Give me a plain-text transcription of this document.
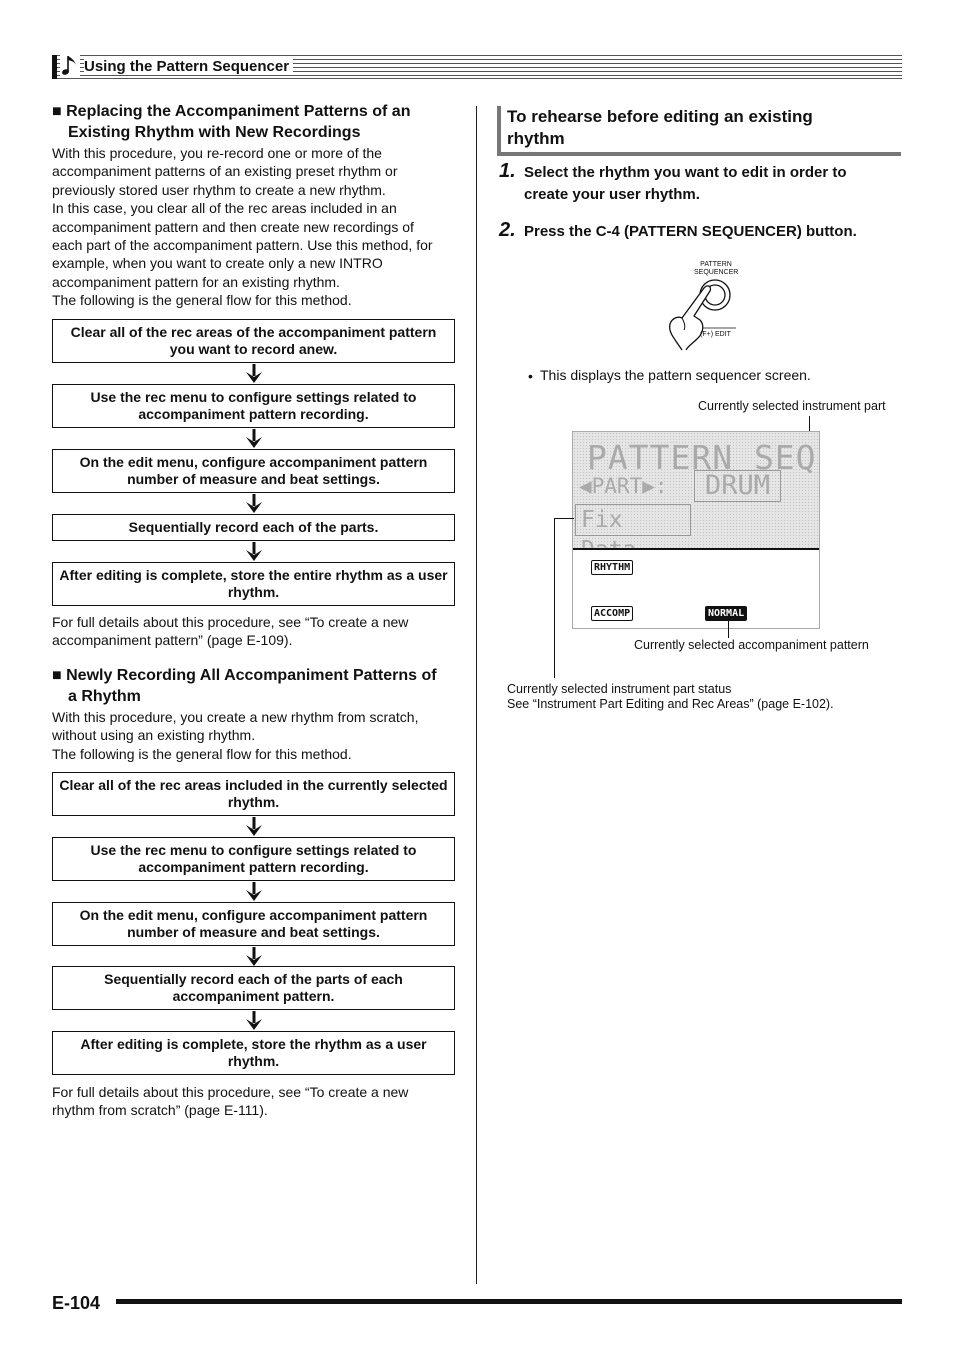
Using the Pattern Sequencer
■ Replacing the Accompaniment Patterns of an
Existing Rhythm with New Recordings
With this procedure, you re-record one or more of the
accompaniment patterns of an existing preset rhythm or
previously stored user rhythm to create a new rhythm.
In this case, you clear all of the rec areas included in an
accompaniment pattern and then create new recordings of
each part of the accompaniment pattern. Use this method, for
example, when you want to create only a new INTRO
accompaniment pattern for an existing rhythm.
The following is the general flow for this method.
Clear all of the rec areas of the accompaniment pattern you want to record anew.
Use the rec menu to configure settings related to accompaniment pattern recording.
On the edit menu, configure accompaniment pattern number of measure and beat settings.
Sequentially record each of the parts.
After editing is complete, store the entire rhythm as a user rhythm.
For full details about this procedure, see “To create a new
accompaniment pattern” (page E-109).
■ Newly Recording All Accompaniment Patterns of
a Rhythm
With this procedure, you create a new rhythm from scratch,
without using an existing rhythm.
The following is the general flow for this method.
Clear all of the rec areas included in the currently selected rhythm.
Use the rec menu to configure settings related to accompaniment pattern recording.
On the edit menu, configure accompaniment pattern number of measure and beat settings.
Sequentially record each of the parts of each accompaniment pattern.
After editing is complete, store the rhythm as a user rhythm.
For full details about this procedure, see “To create a new
rhythm from scratch” (page E-111).
To rehearse before editing an existing
rhythm
1. Select the rhythm you want to edit in order to
create your user rhythm.
2. Press the C-4 (PATTERN SEQUENCER) button.
PATTERN
SEQUENCER
(F+) EDIT
• This displays the pattern sequencer screen.
Currently selected instrument part
PATTERN SEQ
◀PART▶:	DRUM
Fix
RHYTHM
ACCOMP	NORMAL
Currently selected accompaniment pattern
Currently selected instrument part status
See “Instrument Part Editing and Rec Areas” (page E-102).
E-104
